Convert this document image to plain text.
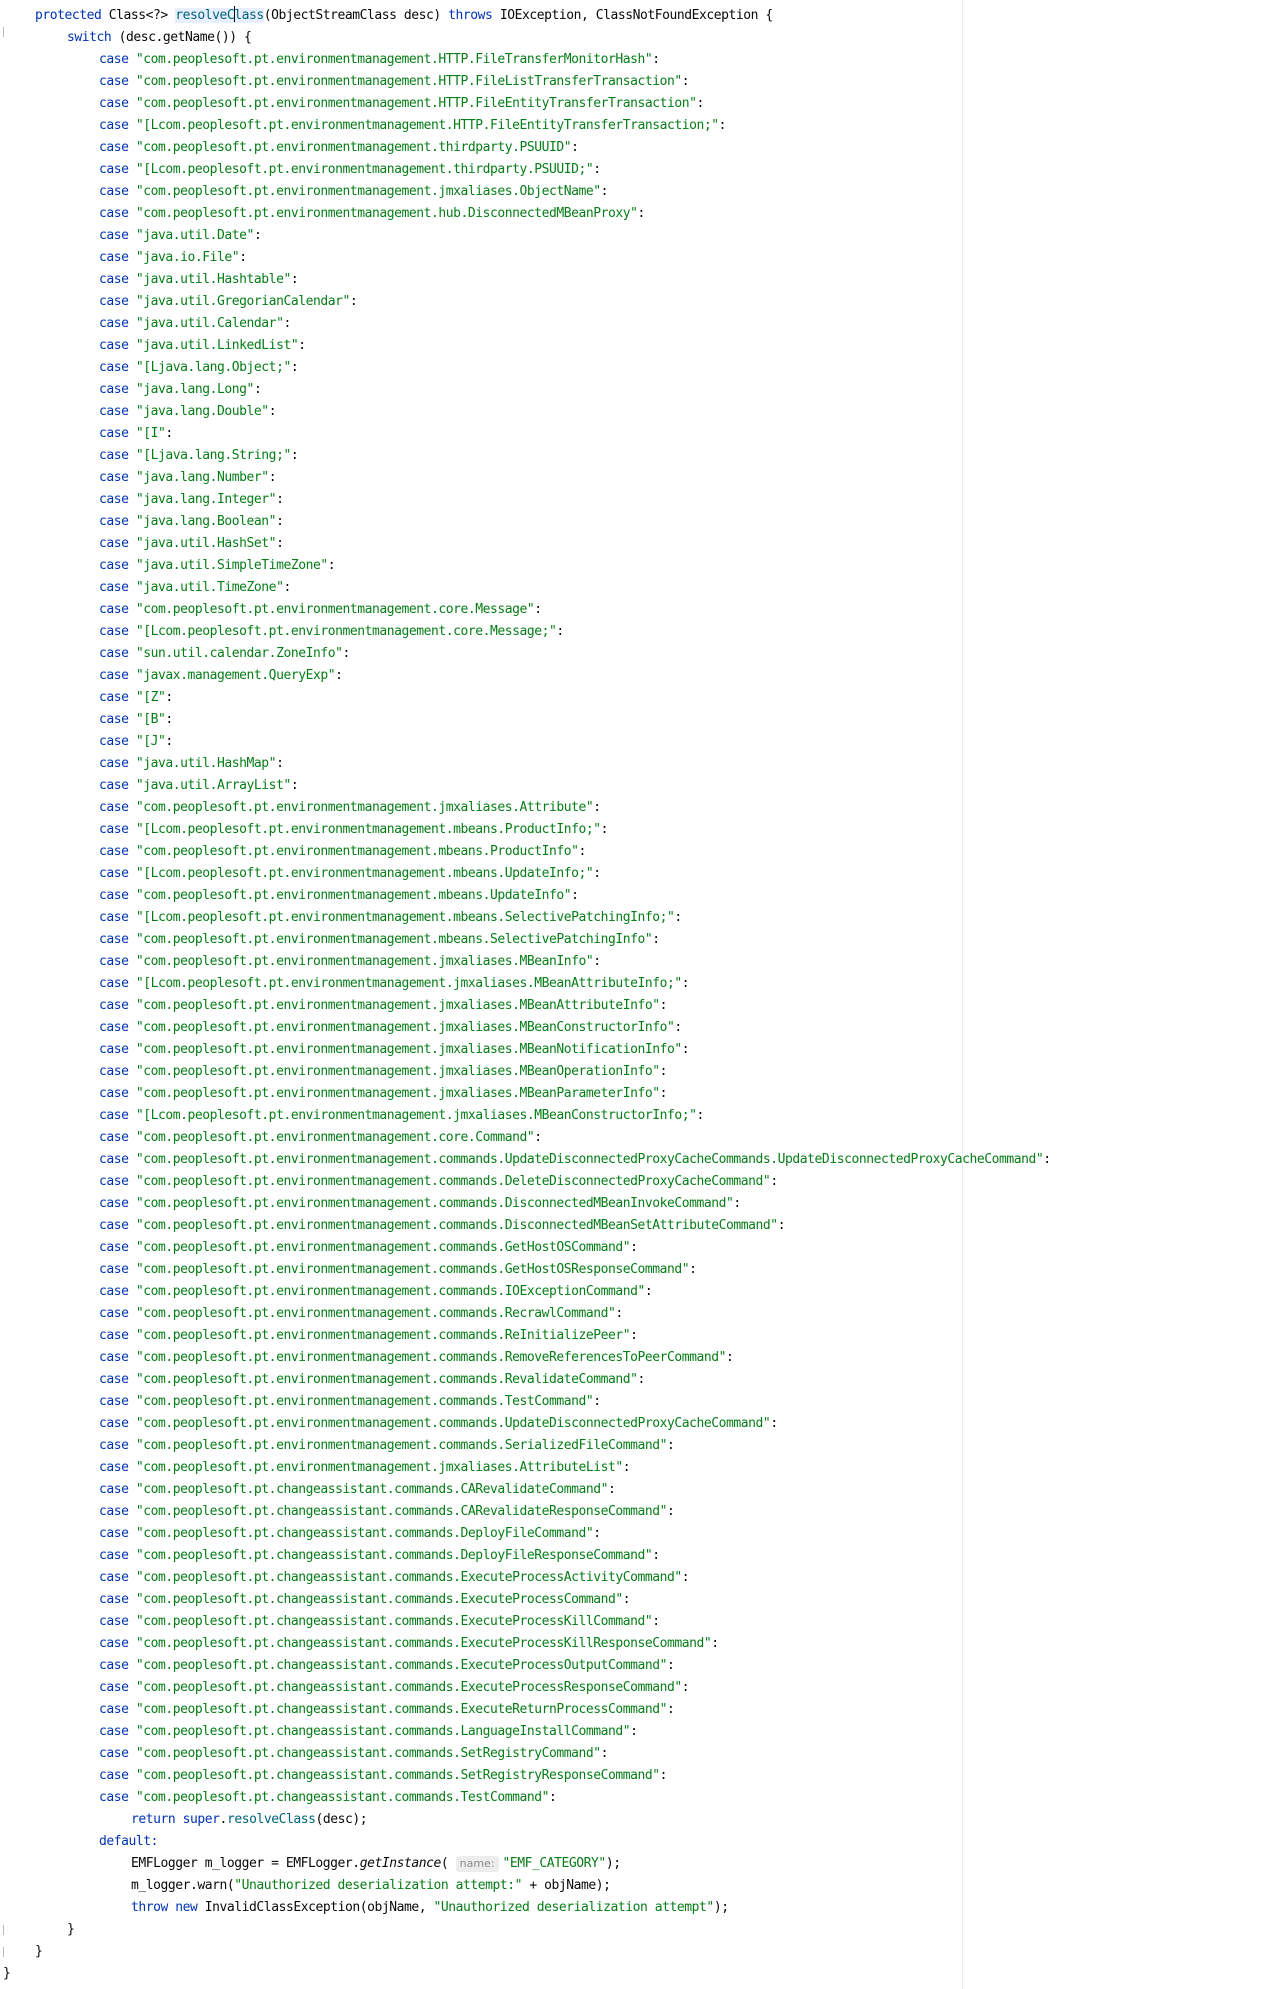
protected Class<?> resolveClass(ObjectStreamClass desc) throws IOException, ClassNotFoundException {
switch (desc.getName()) {
case "com.peoplesoft.pt.environmentmanagement.HTTP.FileTransferMonitorHash":
case "com.peoplesoft.pt.environmentmanagement.HTTP.FileListTransferTransaction":
case "com.peoplesoft.pt.environmentmanagement.HTTP.FileEntityTransferTransaction":
case "[Lcom.peoplesoft.pt.environmentmanagement.HTTP.FileEntityTransferTransaction;":
case "com.peoplesoft.pt.environmentmanagement.thirdparty.PSUUID":
case "[Lcom.peoplesoft.pt.environmentmanagement.thirdparty.PSUUID;":
case "com.peoplesoft.pt.environmentmanagement.jmxaliases.ObjectName":
case "com.peoplesoft.pt.environmentmanagement.hub.DisconnectedMBeanProxy":
case "java.util.Date":
case "java.io.File":
case "java.util.Hashtable":
case "java.util.GregorianCalendar":
case "java.util.Calendar":
case "java.util.LinkedList":
case "[Ljava.lang.Object;":
case "java.lang.Long":
case "java.lang.Double":
case "[I":
case "[Ljava.lang.String;":
case "java.lang.Number":
case "java.lang.Integer":
case "java.lang.Boolean":
case "java.util.HashSet":
case "java.util.SimpleTimeZone":
case "java.util.TimeZone":
case "com.peoplesoft.pt.environmentmanagement.core.Message":
case "[Lcom.peoplesoft.pt.environmentmanagement.core.Message;":
case "sun.util.calendar.ZoneInfo":
case "javax.management.QueryExp":
case "[Z":
case "[B":
case "[J":
case "java.util.HashMap":
case "java.util.ArrayList":
case "com.peoplesoft.pt.environmentmanagement.jmxaliases.Attribute":
case "[Lcom.peoplesoft.pt.environmentmanagement.mbeans.ProductInfo;":
case "com.peoplesoft.pt.environmentmanagement.mbeans.ProductInfo":
case "[Lcom.peoplesoft.pt.environmentmanagement.mbeans.UpdateInfo;":
case "com.peoplesoft.pt.environmentmanagement.mbeans.UpdateInfo":
case "[Lcom.peoplesoft.pt.environmentmanagement.mbeans.SelectivePatchingInfo;":
case "com.peoplesoft.pt.environmentmanagement.mbeans.SelectivePatchingInfo":
case "com.peoplesoft.pt.environmentmanagement.jmxaliases.MBeanInfo":
case "[Lcom.peoplesoft.pt.environmentmanagement.jmxaliases.MBeanAttributeInfo;":
case "com.peoplesoft.pt.environmentmanagement.jmxaliases.MBeanAttributeInfo":
case "com.peoplesoft.pt.environmentmanagement.jmxaliases.MBeanConstructorInfo":
case "com.peoplesoft.pt.environmentmanagement.jmxaliases.MBeanNotificationInfo":
case "com.peoplesoft.pt.environmentmanagement.jmxaliases.MBeanOperationInfo":
case "com.peoplesoft.pt.environmentmanagement.jmxaliases.MBeanParameterInfo":
case "[Lcom.peoplesoft.pt.environmentmanagement.jmxaliases.MBeanConstructorInfo;":
case "com.peoplesoft.pt.environmentmanagement.core.Command":
case "com.peoplesoft.pt.environmentmanagement.commands.UpdateDisconnectedProxyCacheCommands.UpdateDisconnectedProxyCacheCommand":
case "com.peoplesoft.pt.environmentmanagement.commands.DeleteDisconnectedProxyCacheCommand":
case "com.peoplesoft.pt.environmentmanagement.commands.DisconnectedMBeanInvokeCommand":
case "com.peoplesoft.pt.environmentmanagement.commands.DisconnectedMBeanSetAttributeCommand":
case "com.peoplesoft.pt.environmentmanagement.commands.GetHostOSCommand":
case "com.peoplesoft.pt.environmentmanagement.commands.GetHostOSResponseCommand":
case "com.peoplesoft.pt.environmentmanagement.commands.IOExceptionCommand":
case "com.peoplesoft.pt.environmentmanagement.commands.RecrawlCommand":
case "com.peoplesoft.pt.environmentmanagement.commands.ReInitializePeer":
case "com.peoplesoft.pt.environmentmanagement.commands.RemoveReferencesToPeerCommand":
case "com.peoplesoft.pt.environmentmanagement.commands.RevalidateCommand":
case "com.peoplesoft.pt.environmentmanagement.commands.TestCommand":
case "com.peoplesoft.pt.environmentmanagement.commands.UpdateDisconnectedProxyCacheCommand":
case "com.peoplesoft.pt.environmentmanagement.commands.SerializedFileCommand":
case "com.peoplesoft.pt.environmentmanagement.jmxaliases.AttributeList":
case "com.peoplesoft.pt.changeassistant.commands.CARevalidateCommand":
case "com.peoplesoft.pt.changeassistant.commands.CARevalidateResponseCommand":
case "com.peoplesoft.pt.changeassistant.commands.DeployFileCommand":
case "com.peoplesoft.pt.changeassistant.commands.DeployFileResponseCommand":
case "com.peoplesoft.pt.changeassistant.commands.ExecuteProcessActivityCommand":
case "com.peoplesoft.pt.changeassistant.commands.ExecuteProcessCommand":
case "com.peoplesoft.pt.changeassistant.commands.ExecuteProcessKillCommand":
case "com.peoplesoft.pt.changeassistant.commands.ExecuteProcessKillResponseCommand":
case "com.peoplesoft.pt.changeassistant.commands.ExecuteProcessOutputCommand":
case "com.peoplesoft.pt.changeassistant.commands.ExecuteProcessResponseCommand":
case "com.peoplesoft.pt.changeassistant.commands.ExecuteReturnProcessCommand":
case "com.peoplesoft.pt.changeassistant.commands.LanguageInstallCommand":
case "com.peoplesoft.pt.changeassistant.commands.SetRegistryCommand":
case "com.peoplesoft.pt.changeassistant.commands.SetRegistryResponseCommand":
case "com.peoplesoft.pt.changeassistant.commands.TestCommand":
return super.resolveClass(desc);
default:
EMFLogger m_logger = EMFLogger.getInstance( name: "EMF_CATEGORY");
m_logger.warn("Unauthorized deserialization attempt:" + objName);
throw new InvalidClassException(objName, "Unauthorized deserialization attempt");
}
}
}
